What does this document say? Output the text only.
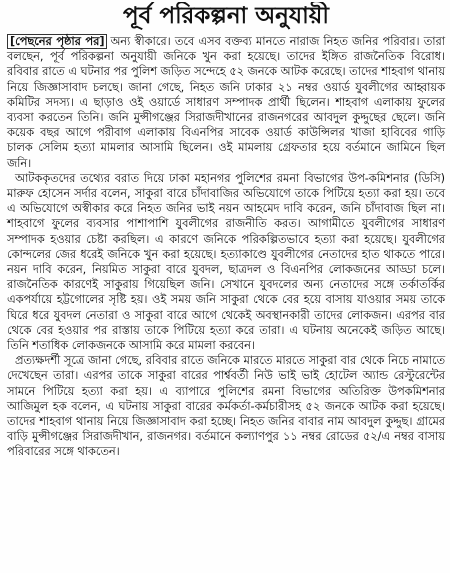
পূর্ব পরিকল্পনা অনুযায়ী

[পেছনের পৃষ্ঠার পর] অন্য স্বীকারে। তবে এসব বক্তব্য মানতে নারাজ নিহত জনির পরিবার। তারা বলছেন, পূর্ব পরিকল্পনা অনুযায়ী জনিকে খুন করা হয়েছে। তাদের ইঙ্গিত রাজনৈতিক বিরোধ। রবিবার রাতে এ ঘটনার পর পুলিশ জড়িত সন্দেহে ৫২ জনকে আটক করেছে। তাদের শাহবাগ থানায় নিয়ে জিজ্ঞাসাবাদ চলছে। জানা গেছে, নিহত জনি ঢাকার ২১ নম্বর ওয়ার্ড যুবলীগের আহ্বায়ক কমিটির সদস্য। এ ছাড়াও ওই ওয়ার্ডে সাধারণ সম্পাদক প্রার্থী ছিলেন। শাহবাগ এলাকায় ফুলের ব্যবসা করতেন তিনি। জনি মুন্সীগঞ্জের সিরাজদীখানের রাজনগরের আবদুল কুদ্দুছের ছেলে। জনি কয়েক বছর আগে পরীবাগ এলাকায় বিএনপির সাবেক ওয়ার্ড কাউন্সিলর খাজা হাবিবের গাড়ি চালক সেলিম হত্যা মামলার আসামি ছিলেন। ওই মামলায় গ্রেফতার হয়ে বর্তমানে জামিনে ছিল জনি।

আটককৃতদের তথ্যের বরাত দিয়ে ঢাকা মহানগর পুলিশের রমনা বিভাগের উপ-কমিশনার (ডিসি) মারুফ হোসেন সর্দার বলেন, সাকুরা বারে চাঁদাবাজির অভিযোগে তাকে পিটিয়ে হত্যা করা হয়। তবে এ অভিযোগে অস্বীকার করে নিহত জনির ভাই নয়ন আহমেদ দাবি করেন, জনি চাঁদাবাজ ছিল না। শাহবাগে ফুলের ব্যবসার পাশাপাশি যুবলীগের রাজনীতি করত। আগামীতে যুবলীগের সাধারণ সম্পাদক হওয়ার চেষ্টা করছিল। এ কারণে জনিকে পরিকল্পিতভাবে হত্যা করা হয়েছে। যুবলীগের কোন্দলের জের ধরেই জনিকে খুন করা হয়েছে। হত্যাকাণ্ডে যুবলীগের নেতাদের হাত থাকতে পারে। নয়ন দাবি করেন, নিয়মিত সাকুরা বারে যুবদল, ছাত্রদল ও বিএনপির লোকজনের আড্ডা চলে। রাজনৈতিক কারণেই সাকুরায় গিয়েছিল জনি। সেখানে যুবদলের অন্য নেতাদের সঙ্গে তর্কাতর্কির একপর্যায়ে হট্টগোলের সৃষ্টি হয়। ওই সময় জনি সাকুরা থেকে বের হয়ে বাসায় যাওয়ার সময় তাকে ঘিরে ধরে যুবদল নেতারা ও সাকুরা বারে আগে থেকেই অবস্থানকারী তাদের লোকজন। এরপর বার থেকে বের হওয়ার পর রাস্তায় তাকে পিটিয়ে হত্যা করে তারা। এ ঘটনায় অনেকেই জড়িত আছে। তিনি শতাধিক লোকজনকে আসামি করে মামলা করবেন।

প্রত্যক্ষদর্শী সূত্রে জানা গেছে, রবিবার রাতে জনিকে মারতে মারতে সাকুরা বার থেকে নিচে নামাতে দেখেছেন তারা। এরপর তাকে সাকুরা বারের পার্শ্ববর্তী নিউ ভাই ভাই হোটেল অ্যান্ড রেস্টুরেন্টের সামনে পিটিয়ে হত্যা করা হয়। এ ব্যাপারে পুলিশের রমনা বিভাগের অতিরিক্ত উপকমিশনার আজিমুল হক বলেন, এ ঘটনায় সাকুরা বারের কর্মকর্তা-কর্মচারীসহ ৫২ জনকে আটক করা হয়েছে। তাদের শাহবাগ থানায় নিয়ে জিজ্ঞাসাবাদ করা হচ্ছে। নিহত জনির বাবার নাম আবদুল কুদ্দুছ। গ্রামের বাড়ি মুন্সীগঞ্জের সিরাজদীখান, রাজনগর। বর্তমানে কল্যাণপুর ১১ নম্বর রোডের ৫২/এ নম্বর বাসায় পরিবারের সঙ্গে থাকতেন।
